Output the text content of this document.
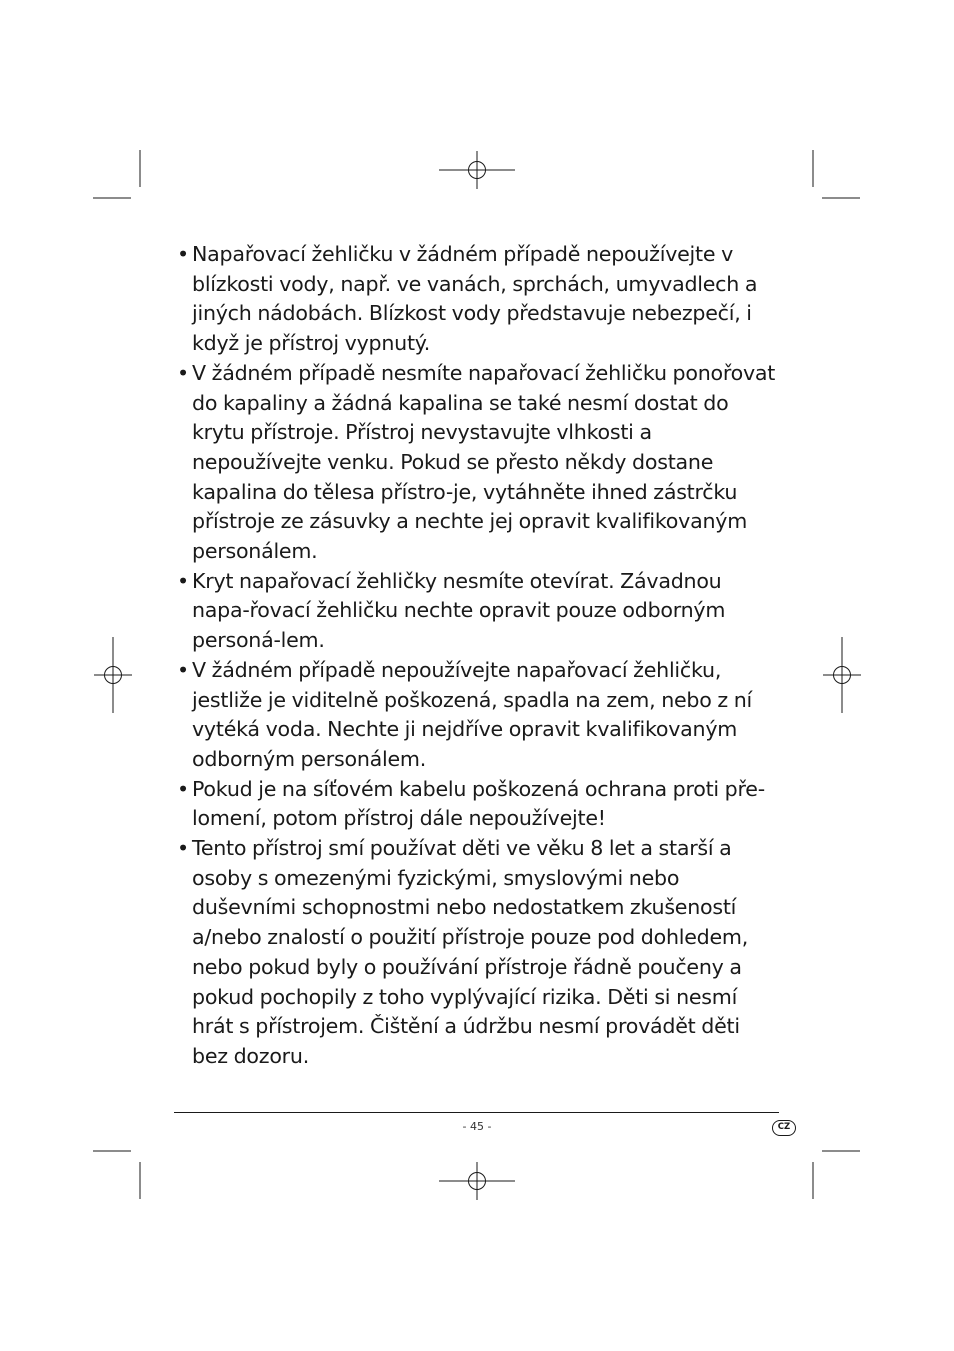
• Napařovací žehličku v žádném případě nepoužívejte v blízkosti vody, např. ve vanách, sprchách, umyvadlech a jiných nádobách. Blízkost vody představuje nebezpečí, i když je přístroj vypnutý.

• V žádném případě nesmíte napařovací žehličku ponořovat do kapaliny a žádná kapalina se také nesmí dostat do krytu přístroje. Přístroj nevystavujte vlhkosti a nepoužívejte venku. Pokud se přesto někdy dostane kapalina do tělesa přístro-je, vytáhněte ihned zástrčku přístroje ze zásuvky a nechte jej opravit kvalifikovaným personálem.

• Kryt napařovací žehličky nesmíte otevírat. Závadnou napa-řovací žehličku nechte opravit pouze odborným personá-lem.

• V žádném případě nepoužívejte napařovací žehličku, jestliže je viditelně poškozená, spadla na zem, nebo z ní vytéká voda. Nechte ji nejdříve opravit kvalifikovaným odborným personálem.

• Pokud je na síťovém kabelu poškozená ochrana proti pře-lomení, potom přístroj dále nepoužívejte!

• Tento přístroj smí používat děti ve věku 8 let a starší a osoby s omezenými fyzickými, smyslovými nebo duševními schopnostmi nebo nedostatkem zkušeností a/nebo znalostí o použití přístroje pouze pod dohledem, nebo pokud byly o používání přístroje řádně poučeny a pokud pochopily z toho vyplývající rizika. Děti si nesmí hrát s přístrojem. Čištění a údržbu nesmí provádět děti bez dozoru.

- 45 -	CZ
